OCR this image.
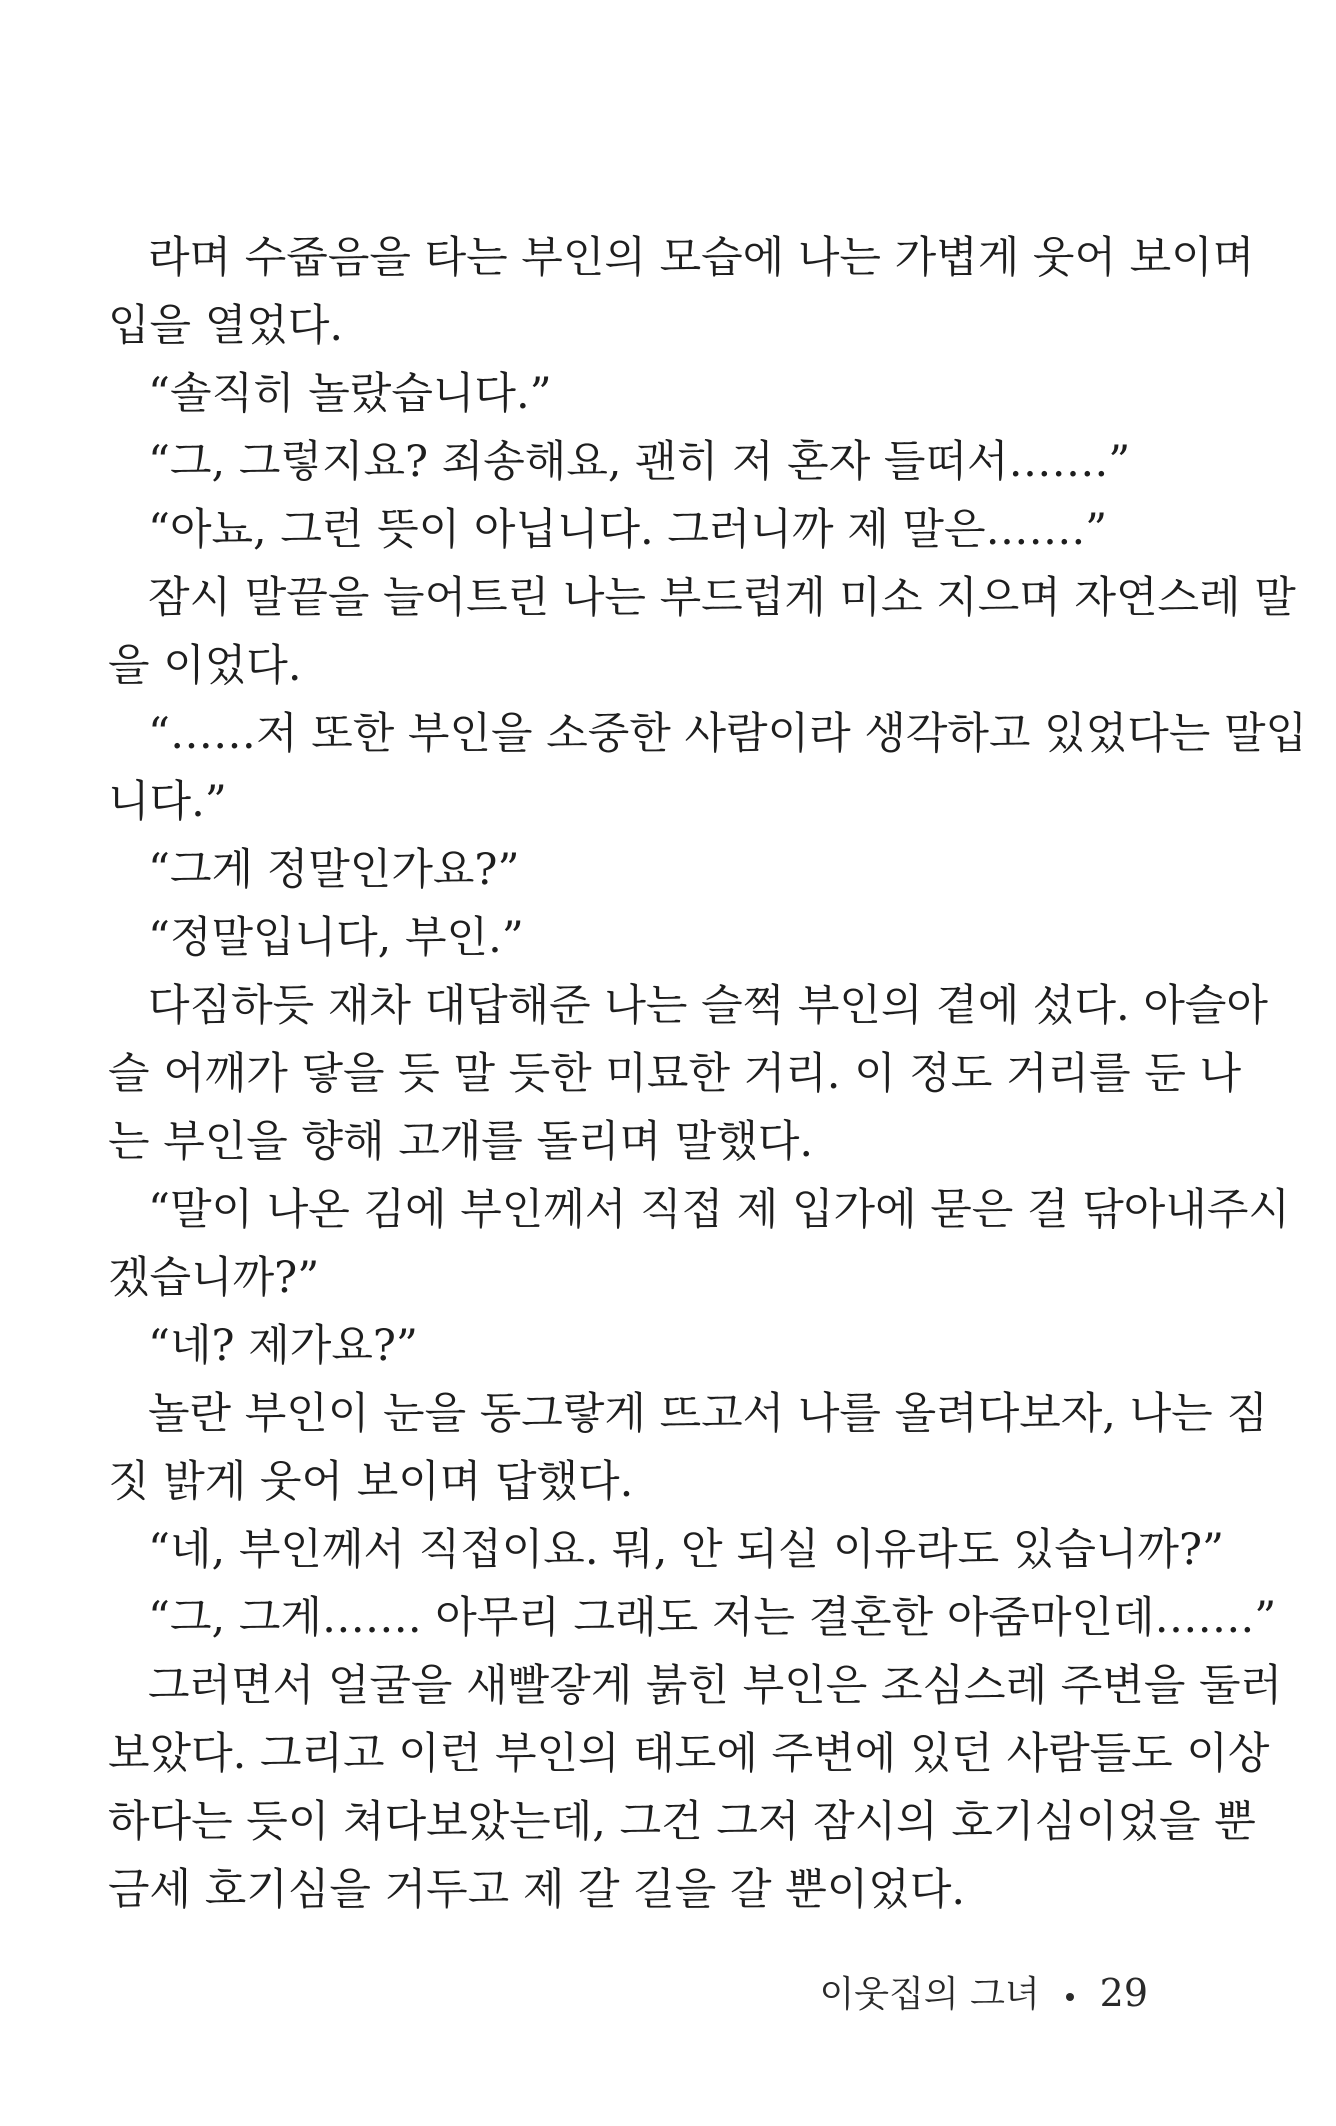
라며 수줍음을 타는 부인의 모습에 나는 가볍게 웃어 보이며
입을 열었다.
“솔직히 놀랐습니다.”
“그, 그렇지요? 죄송해요, 괜히 저 혼자 들떠서…….”
“아뇨, 그런 뜻이 아닙니다. 그러니까 제 말은…….”
잠시 말끝을 늘어트린 나는 부드럽게 미소 지으며 자연스레 말
을 이었다.
“……저 또한 부인을 소중한 사람이라 생각하고 있었다는 말입
니다.”
“그게 정말인가요?”
“정말입니다, 부인.”
다짐하듯 재차 대답해준 나는 슬쩍 부인의 곁에 섰다. 아슬아
슬 어깨가 닿을 듯 말 듯한 미묘한 거리. 이 정도 거리를 둔 나
는 부인을 향해 고개를 돌리며 말했다.
“말이 나온 김에 부인께서 직접 제 입가에 묻은 걸 닦아내주시
겠습니까?”
“네? 제가요?”
놀란 부인이 눈을 동그랗게 뜨고서 나를 올려다보자, 나는 짐
짓 밝게 웃어 보이며 답했다.
“네, 부인께서 직접이요. 뭐, 안 되실 이유라도 있습니까?”
“그, 그게……. 아무리 그래도 저는 결혼한 아줌마인데…….”
그러면서 얼굴을 새빨갛게 붉힌 부인은 조심스레 주변을 둘러
보았다. 그리고 이런 부인의 태도에 주변에 있던 사람들도 이상
하다는 듯이 쳐다보았는데, 그건 그저 잠시의 호기심이었을 뿐
금세 호기심을 거두고 제 갈 길을 갈 뿐이었다.
이웃집의 그녀 29
